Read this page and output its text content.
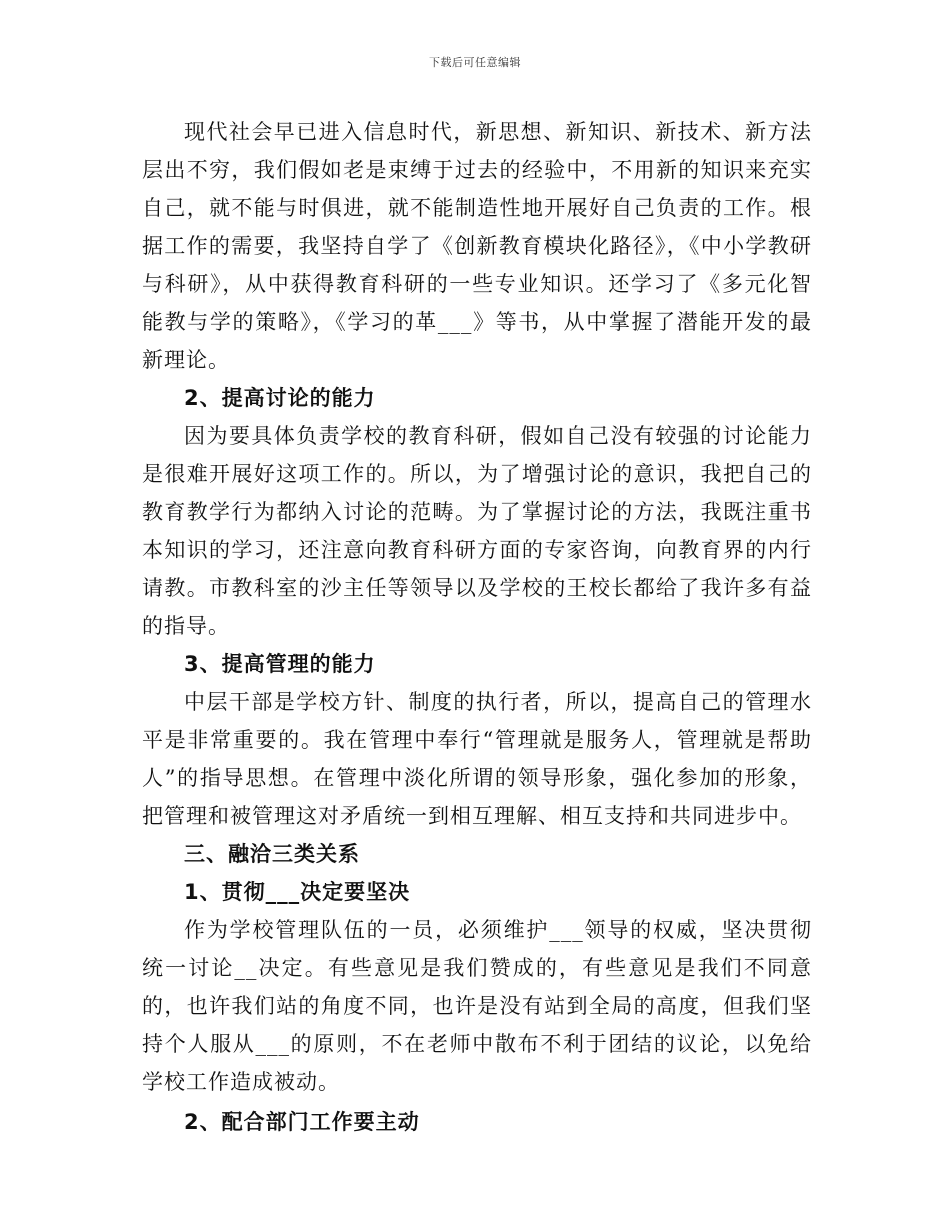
下载后可任意编辑

现代社会早已进入信息时代，新思想、新知识、新技术、新方法层出不穷，我们假如老是束缚于过去的经验中，不用新的知识来充实自己，就不能与时俱进，就不能制造性地开展好自己负责的工作。根据工作的需要，我坚持自学了《创新教育模块化路径》，《中小学教研与科研》，从中获得教育科研的一些专业知识。还学习了《多元化智能教与学的策略》，《学习的革___》等书，从中掌握了潜能开发的最新理论。

2、提高讨论的能力

因为要具体负责学校的教育科研，假如自己没有较强的讨论能力是很难开展好这项工作的。所以，为了增强讨论的意识，我把自己的教育教学行为都纳入讨论的范畴。为了掌握讨论的方法，我既注重书本知识的学习，还注意向教育科研方面的专家咨询，向教育界的内行请教。市教科室的沙主任等领导以及学校的王校长都给了我许多有益的指导。

3、提高管理的能力

中层干部是学校方针、制度的执行者，所以，提高自己的管理水平是非常重要的。我在管理中奉行“管理就是服务人，管理就是帮助人”的指导思想。在管理中淡化所谓的领导形象，强化参加的形象，把管理和被管理这对矛盾统一到相互理解、相互支持和共同进步中。

三、融洽三类关系
1、贯彻___决定要坚决

作为学校管理队伍的一员，必须维护___领导的权威，坚决贯彻统一讨论__决定。有些意见是我们赞成的，有些意见是我们不同意的，也许我们站的角度不同，也许是没有站到全局的高度，但我们坚持个人服从___的原则，不在老师中散布不利于团结的议论，以免给学校工作造成被动。

2、配合部门工作要主动
